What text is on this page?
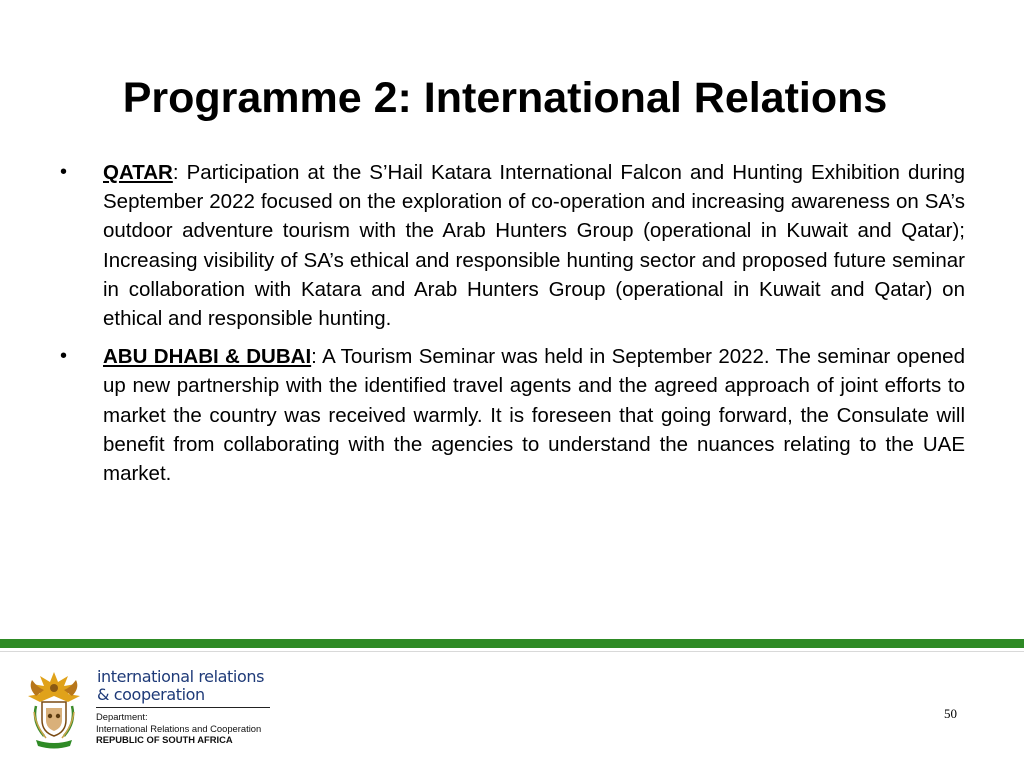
Programme 2: International Relations
• QATAR: Participation at the S’Hail Katara International Falcon and Hunting Exhibition during September 2022 focused on the exploration of co-operation and increasing awareness on SA’s outdoor adventure tourism with the Arab Hunters Group (operational in Kuwait and Qatar); Increasing visibility of SA’s ethical and responsible hunting sector and proposed future seminar in collaboration with Katara and Arab Hunters Group (operational in Kuwait and Qatar) on ethical and responsible hunting.
• ABU DHABI & DUBAI: A Tourism Seminar was held in September 2022. The seminar opened up new partnership with the identified travel agents and the agreed approach of joint efforts to market the country was received warmly. It is foreseen that going forward, the Consulate will benefit from collaborating with the agencies to understand the nuances relating to the UAE market.
international relations
& cooperation
Department:
International Relations and Cooperation
REPUBLIC OF SOUTH AFRICA
50
